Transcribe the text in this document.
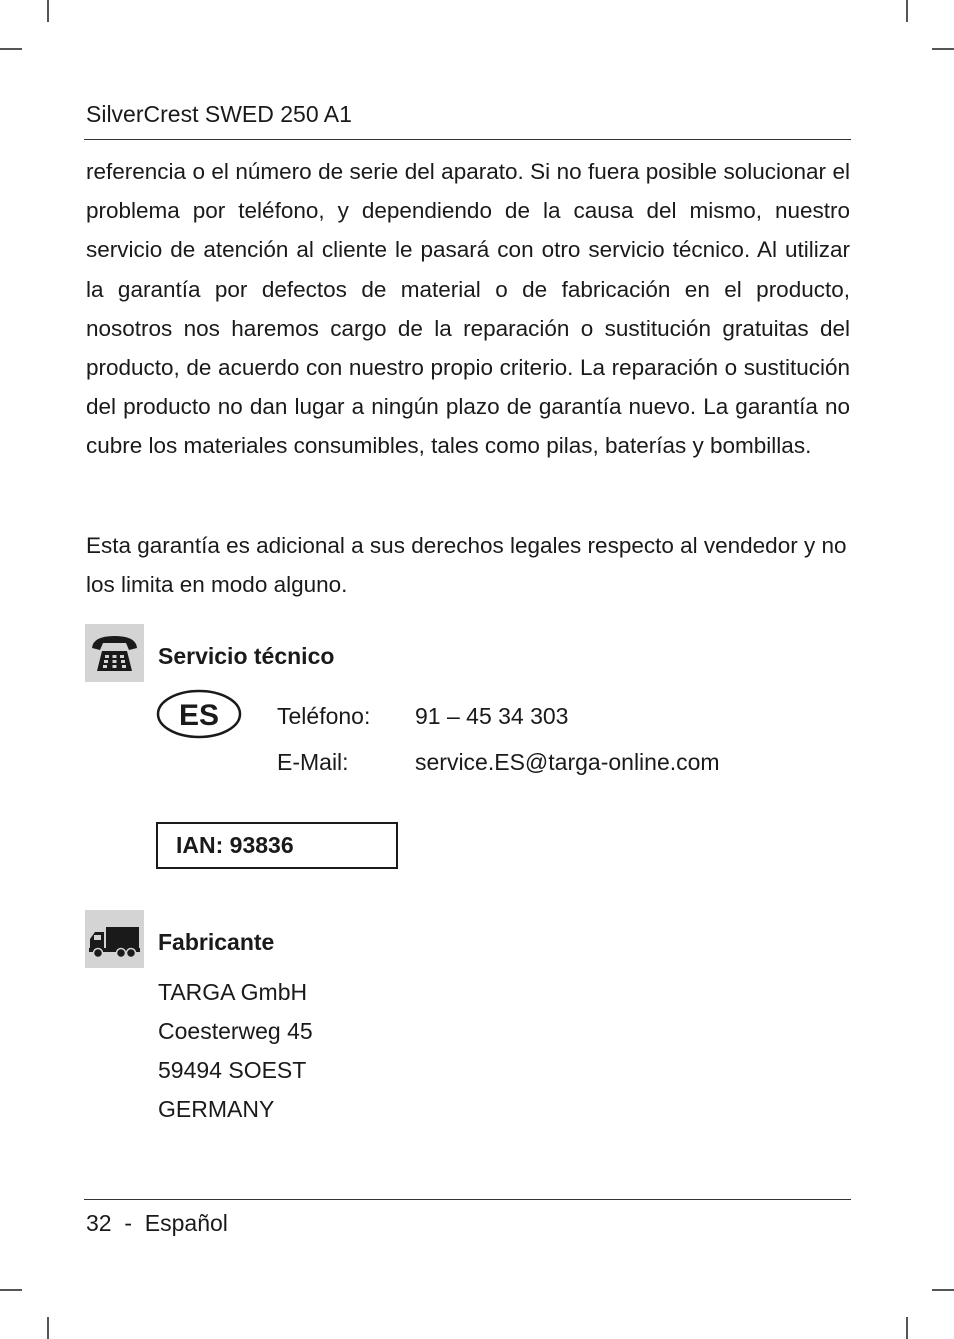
SilverCrest SWED 250 A1

referencia o el número de serie del aparato. Si no fuera posible solucionar el problema por teléfono, y dependiendo de la causa del mismo, nuestro servicio de atención al cliente le pasará con otro servicio técnico. Al utilizar la garantía por defectos de material o de fabricación en el producto, nosotros nos haremos cargo de la reparación o sustitución gratuitas del producto, de acuerdo con nuestro propio criterio. La reparación o sustitución del producto no dan lugar a ningún plazo de garantía nuevo. La garantía no cubre los materiales consumibles, tales como pilas, baterías y bombillas.

Esta garantía es adicional a sus derechos legales respecto al vendedor y no los limita en modo alguno.

Servicio técnico
ES	Teléfono: 91 – 45 34 303
E-Mail:	service.ES@targa-online.com
IAN: 93836
Fabricante
TARGA GmbH
Coesterweg 45
59494 SOEST
GERMANY
32  -  Español
